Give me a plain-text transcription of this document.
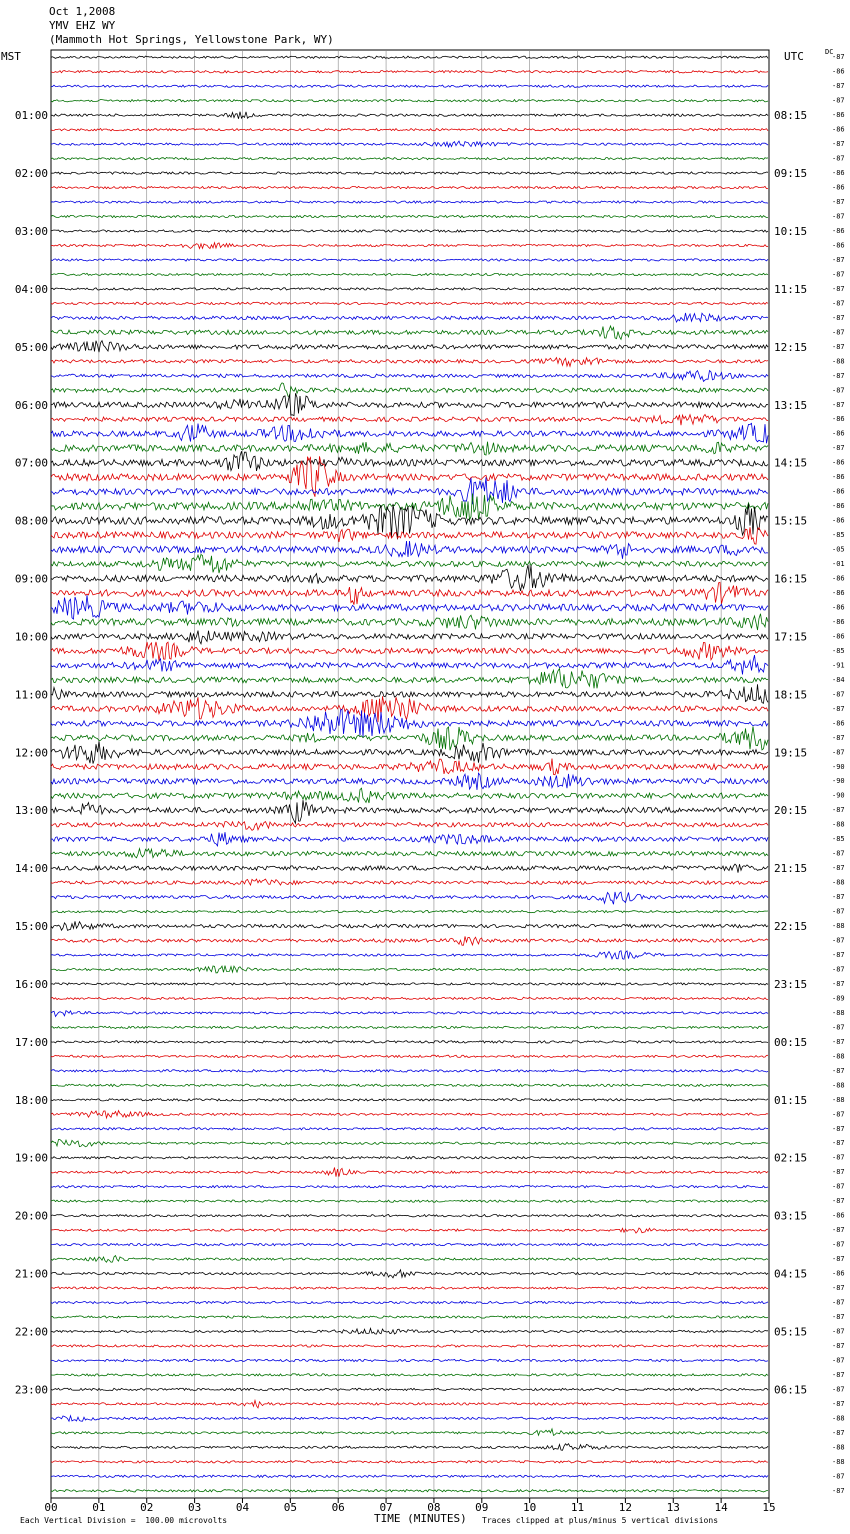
Oct 1,2008
YMV EHZ WY
(Mammoth Hot Springs, Yellowstone Park, WY)
MST	UTC	DC
-87
-86
-87
-87
-86
-86
-87
-87
-86
-86
-87
-87
-86
-86
-87
-87
-87
-87
-87
-87
-87
-88
-87
-87
-87
-86
-86
-87
-86
-86
-86
-86
-86
-85
-05
-01
-86
-86
-86
-86
-86
-85
-91
-84
-87
-87
-86
-87
-87
-90
-90
-90
-87
-88
-85
-87
-87
-88
-87
-87
-88
-87
-87
-87
-87
-89
-88
-87
-87
-88
-87
-88
-88
-87
-87
-87
-87
-87
-87
-87
-86
-87
-87
-87
-86
-87
-87
-87
-87
-87
-87
-87
-87
-87
-88
-87
-88
-88
-87
-87
01:00
02:00
03:00
04:00
05:00
06:00
07:00
08:00
09:00
10:00
11:00
12:00
13:00
14:00
15:00
16:00
17:00
18:00
19:00
20:00
21:00
22:00
23:00
08:15
09:15
10:15
11:15
12:15
13:15
14:15
15:15
16:15
17:15
18:15
19:15
20:15
21:15
22:15
23:15
00:15
01:15
02:15
03:15
04:15
05:15
06:15
00	01	02	03	04	05	06	07	08	09	10	11	12	13	14	15
TIME (MINUTES)
Each Vertical Division =  100.00 microvolts	Traces clipped at plus/minus 5 vertical divisions
